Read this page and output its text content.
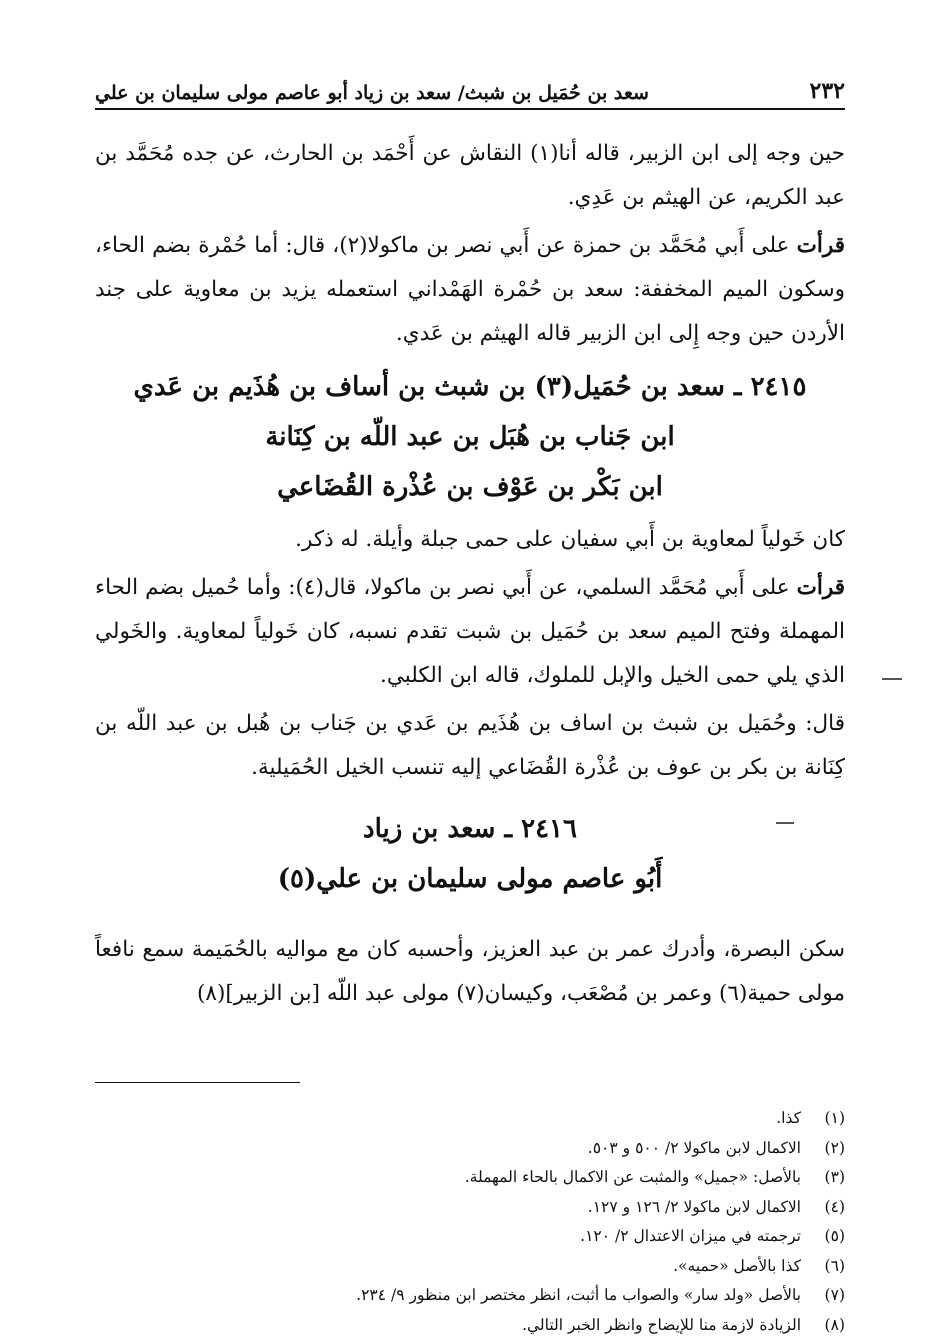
٢٣٢
سعد بن حُمَيل بن شبث/ سعد بن زياد أبو عاصم مولى سليمان بن علي

حين وجه إلى ابن الزبير، قاله أنا(١) النقاش عن أَحْمَد بن الحارث، عن جده مُحَمَّد بن عبد الكريم، عن الهيثم بن عَدِي.

قرأت على أَبي مُحَمَّد بن حمزة عن أَبي نصر بن ماكولا(٢)، قال: أما حُمْرة بضم الحاء، وسكون الميم المخففة: سعد بن حُمْرة الهَمْداني استعمله يزيد بن معاوية على جند الأردن حين وجه إِلى ابن الزبير قاله الهيثم بن عَدي.

٢٤١٥ ـ سعد بن حُمَيل(٣) بن شبث بن أساف بن هُذَيم بن عَدي
ابن جَناب بن هُبَل بن عبد اللّه بن كِنَانة
ابن بَكْر بن عَوْف بن عُذْرة القُضَاعي

كان خَولياً لمعاوية بن أَبي سفيان على حمى جبلة وأيلة. له ذكر.

قرأت على أَبي مُحَمَّد السلمي، عن أَبي نصر بن ماكولا، قال(٤): وأما حُميل بضم الحاء المهملة وفتح الميم سعد بن حُمَيل بن شبت تقدم نسبه، كان خَولياً لمعاوية. والخَولي الذي يلي حمى الخيل والإبل للملوك، قاله ابن الكلبي.

قال: وحُمَيل بن شبث بن اساف بن هُذَيم بن عَدي بن جَناب بن هُبل بن عبد اللّه بن كِنَانة بن بكر بن عوف بن عُذْرة القُضَاعي إليه تنسب الخيل الحُمَيلية.

٢٤١٦ ـ سعد بن زياد
أَبُو عاصم مولى سليمان بن علي(٥)

سكن البصرة، وأدرك عمر بن عبد العزيز، وأحسبه كان مع مواليه بالحُمَيمة سمع نافعاً مولى حمية(٦) وعمر بن مُصْعَب، وكيسان(٧) مولى عبد اللّه [بن الزبير](٨)

(١)
كذا.
(٢)
الاكمال لابن ماكولا ٢/ ٥٠٠ و ٥٠٣.
(٣)
بالأصل: «جميل» والمثبت عن الاكمال بالحاء المهملة.
(٤)
الاكمال لابن ماكولا ٢/ ١٢٦ و ١٢٧.
(٥)
ترجمته في ميزان الاعتدال ٢/ ١٢٠.
(٦)
كذا بالأصل «حميه».
(٧)
بالأصل «ولد سار» والصواب ما أثبت، انظر مختصر ابن منظور ٩/ ٢٣٤.
(٨)
الزيادة لازمة منا للإيضاح وانظر الخبر التالي.
